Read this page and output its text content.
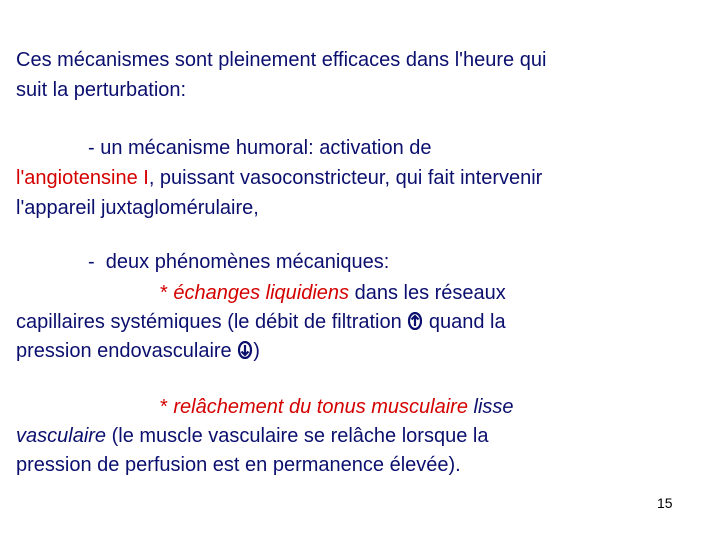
Ces mécanismes sont pleinement efficaces dans l'heure qui
suit la perturbation:
- un mécanisme humoral: activation de
l'angiotensine I, puissant vasoconstricteur, qui fait intervenir
l'appareil juxtaglomérulaire,
-  deux phénomènes mécaniques:
* échanges liquidiens dans les réseaux
capillaires systémiques (le débit de filtration
quand la
pression endovasculaire
)
* relâchement du tonus musculaire lisse
vasculaire (le muscle vasculaire se relâche lorsque la
pression de perfusion est en permanence élevée).
15
